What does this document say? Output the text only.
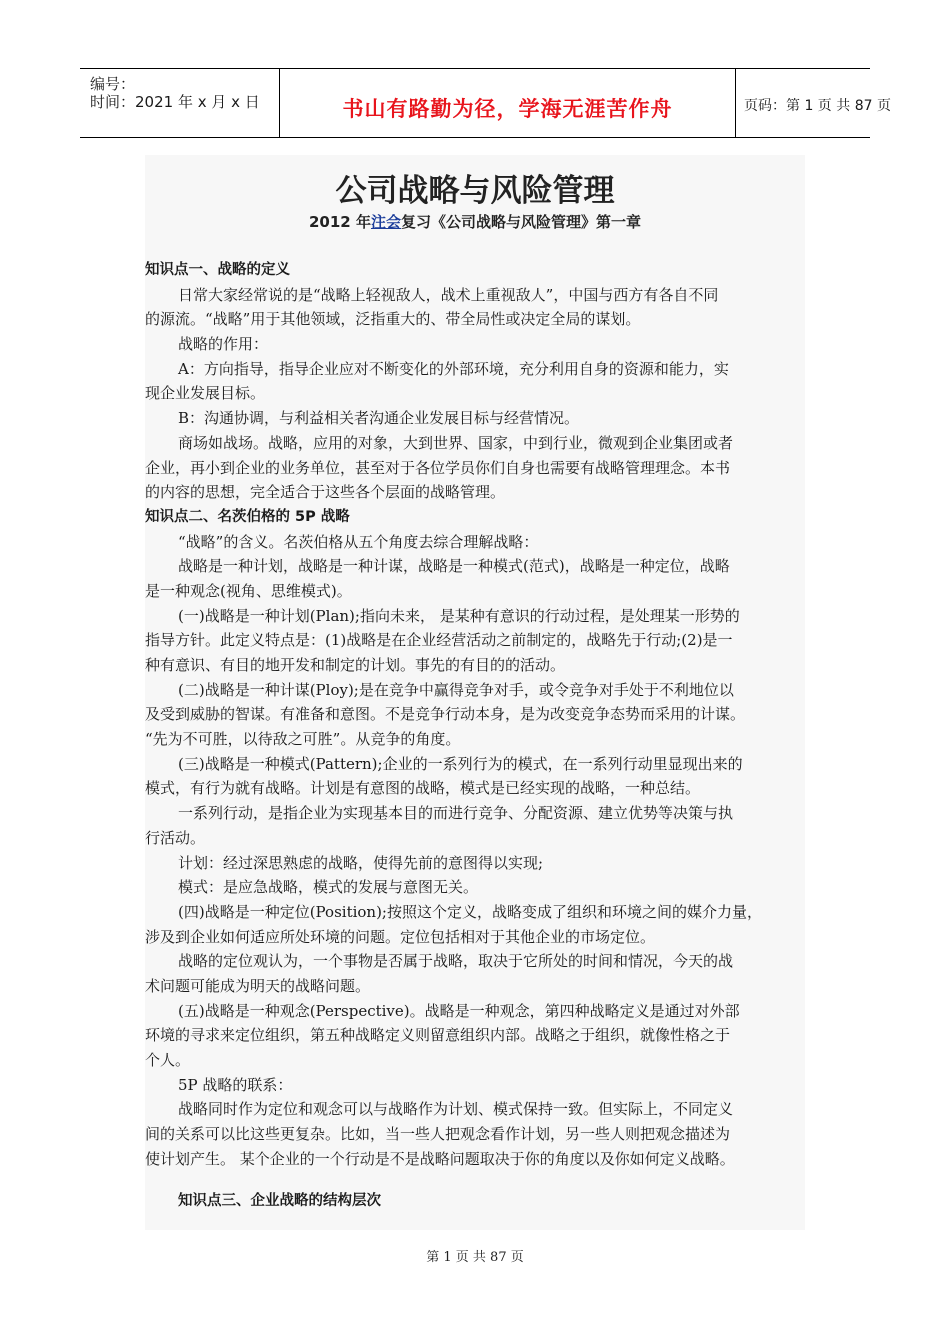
编号：
时间：2021 年 x 月 x 日	书山有路勤为径，学海无涯苦作舟	页码：第 1 页 共 87 页
公司战略与风险管理
2012 年注会复习《公司战略与风险管理》第一章
知识点一、战略的定义
日常大家经常说的是“战略上轻视敌人，战术上重视敌人”，中国与西方有各自不同
的源流。“战略”用于其他领域，泛指重大的、带全局性或决定全局的谋划。
战略的作用：
A：方向指导，指导企业应对不断变化的外部环境，充分利用自身的资源和能力，实
现企业发展目标。
B：沟通协调，与利益相关者沟通企业发展目标与经营情况。
商场如战场。战略，应用的对象，大到世界、国家，中到行业，微观到企业集团或者
企业，再小到企业的业务单位，甚至对于各位学员你们自身也需要有战略管理理念。本书
的内容的思想，完全适合于这些各个层面的战略管理。
知识点二、名茨伯格的 5P 战略
“战略”的含义。名茨伯格从五个角度去综合理解战略：
战略是一种计划，战略是一种计谋，战略是一种模式(范式)，战略是一种定位，战略
是一种观念(视角、思维模式)。
(一)战略是一种计划(Plan);指向未来， 是某种有意识的行动过程，是处理某一形势的
指导方针。此定义特点是：(1)战略是在企业经营活动之前制定的，战略先于行动;(2)是一
种有意识、有目的地开发和制定的计划。事先的有目的的活动。
(二)战略是一种计谋(Ploy);是在竞争中赢得竞争对手，或令竞争对手处于不利地位以
及受到威胁的智谋。有准备和意图。不是竞争行动本身，是为改变竞争态势而采用的计谋。
“先为不可胜，以待敌之可胜”。从竞争的角度。
(三)战略是一种模式(Pattern);企业的一系列行为的模式，在一系列行动里显现出来的
模式，有行为就有战略。计划是有意图的战略，模式是已经实现的战略，一种总结。
一系列行动，是指企业为实现基本目的而进行竞争、分配资源、建立优势等决策与执
行活动。
计划：经过深思熟虑的战略，使得先前的意图得以实现;
模式：是应急战略，模式的发展与意图无关。
(四)战略是一种定位(Position);按照这个定义，战略变成了组织和环境之间的媒介力量，
涉及到企业如何适应所处环境的问题。定位包括相对于其他企业的市场定位。
战略的定位观认为，一个事物是否属于战略，取决于它所处的时间和情况，今天的战
术问题可能成为明天的战略问题。
(五)战略是一种观念(Perspective)。战略是一种观念，第四种战略定义是通过对外部
环境的寻求来定位组织，第五种战略定义则留意组织内部。战略之于组织，就像性格之于
个人。
5P 战略的联系：
战略同时作为定位和观念可以与战略作为计划、模式保持一致。但实际上，不同定义
间的关系可以比这些更复杂。比如，当一些人把观念看作计划，另一些人则把观念描述为
使计划产生。 某个企业的一个行动是不是战略问题取决于你的角度以及你如何定义战略。
知识点三、企业战略的结构层次
第 1 页 共 87 页
